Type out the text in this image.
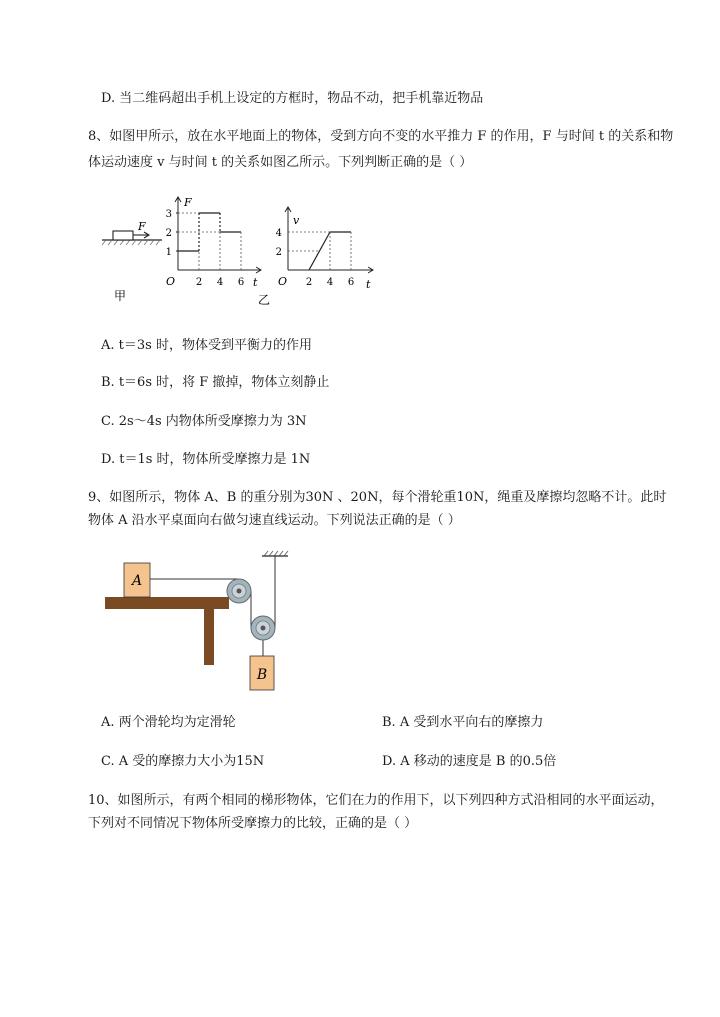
D. 当二维码超出手机上设定的方框时，物品不动，把手机靠近物品
8、如图甲所示，放在水平地面上的物体，受到方向不变的水平推力 F 的作用，F 与时间 t 的关系和物
体运动速度 v 与时间 t 的关系如图乙所示。下列判断正确的是（ ）
F
甲
F
t
O
3
2
1
2 4 6
v
t
O
4
2
2 4 6
乙
A. t＝3s 时，物体受到平衡力的作用
B. t＝6s 时，将 F 撤掉，物体立刻静止
C. 2s～4s 内物体所受摩擦力为 3N
D. t＝1s 时，物体所受摩擦力是 1N
9、如图所示，物体 A、B 的重分别为30N 、20N，每个滑轮重10N，绳重及摩擦均忽略不计。此时
物体 A 沿水平桌面向右做匀速直线运动。下列说法正确的是（ ）
A
B
A. 两个滑轮均为定滑轮	B. A 受到水平向右的摩擦力
C. A 受的摩擦力大小为15N	D. A 移动的速度是 B 的0.5倍
10、如图所示，有两个相同的梯形物体，它们在力的作用下，以下列四种方式沿相同的水平面运动，
下列对不同情况下物体所受摩擦力的比较，正确的是（ ）
